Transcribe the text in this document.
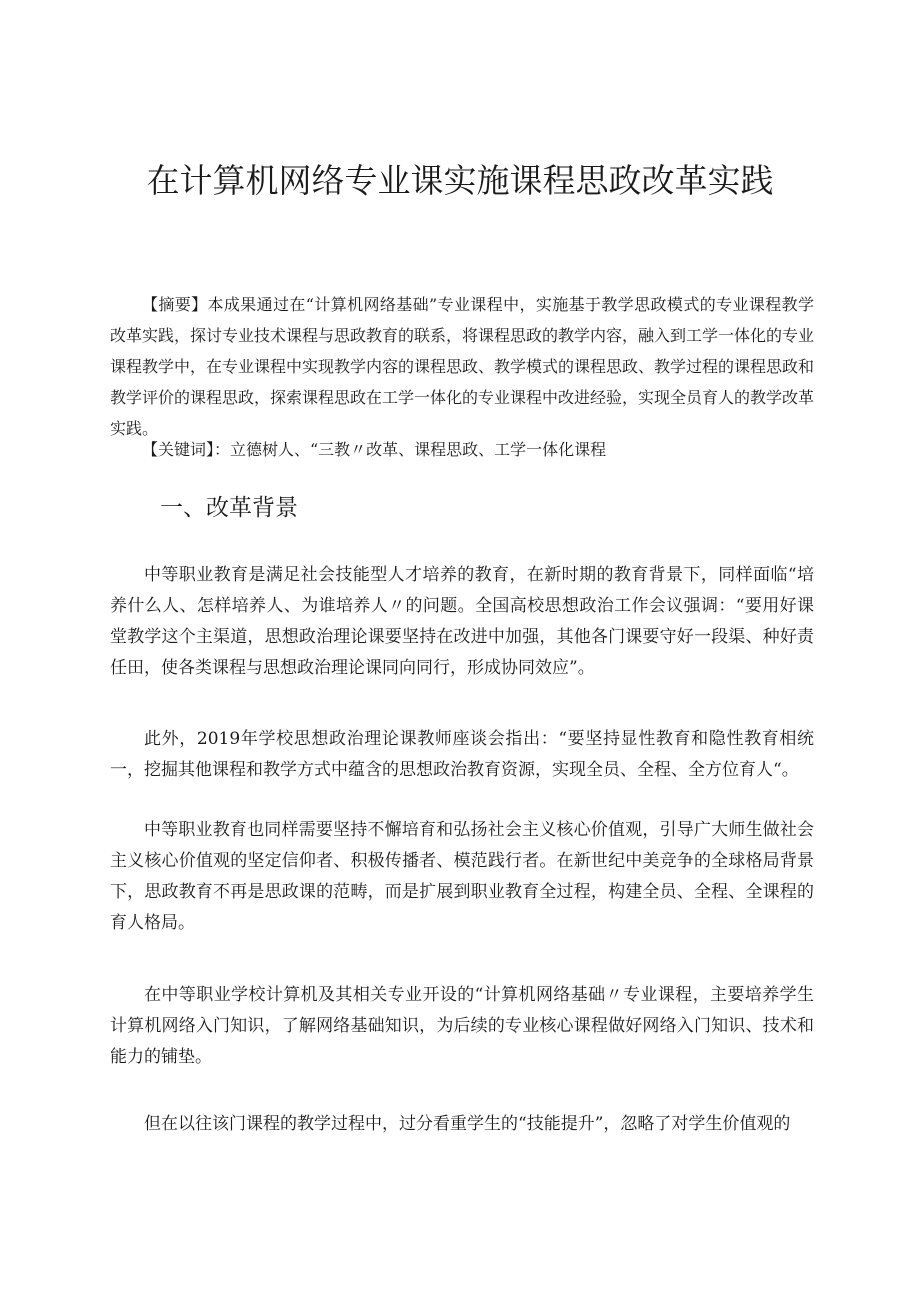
在计算机网络专业课实施课程思政改革实践

【摘要】本成果通过在“计算机网络基础”专业课程中，实施基于教学思政模式的专业课程教学改革实践，探讨专业技术课程与思政教育的联系，将课程思政的教学内容，融入到工学一体化的专业课程教学中，在专业课程中实现教学内容的课程思政、教学模式的课程思政、教学过程的课程思政和教学评价的课程思政，探索课程思政在工学一体化的专业课程中改进经验，实现全员育人的教学改革实践。

【关键词】：立德树人、“三教〃改革、课程思政、工学一体化课程

一、改革背景

中等职业教育是满足社会技能型人才培养的教育，在新时期的教育背景下，同样面临“培养什么人、怎样培养人、为谁培养人〃的问题。全国高校思想政治工作会议强调：“要用好课堂教学这个主渠道，思想政治理论课要坚持在改进中加强，其他各门课要守好一段渠、种好责任田，使各类课程与思想政治理论课同向同行，形成协同效应”。

此外，2019年学校思想政治理论课教师座谈会指出：“要坚持显性教育和隐性教育相统一，挖掘其他课程和教学方式中蕴含的思想政治教育资源，实现全员、全程、全方位育人“。

中等职业教育也同样需要坚持不懈培育和弘扬社会主义核心价值观，引导广大师生做社会主义核心价值观的坚定信仰者、积极传播者、模范践行者。在新世纪中美竞争的全球格局背景下，思政教育不再是思政课的范畴，而是扩展到职业教育全过程，构建全员、全程、全课程的育人格局。

在中等职业学校计算机及其相关专业开设的“计算机网络基础〃专业课程，主要培养学生计算机网络入门知识，了解网络基础知识，为后续的专业核心课程做好网络入门知识、技术和能力的铺垫。

但在以往该门课程的教学过程中，过分看重学生的“技能提升”，忽略了对学生价值观的
